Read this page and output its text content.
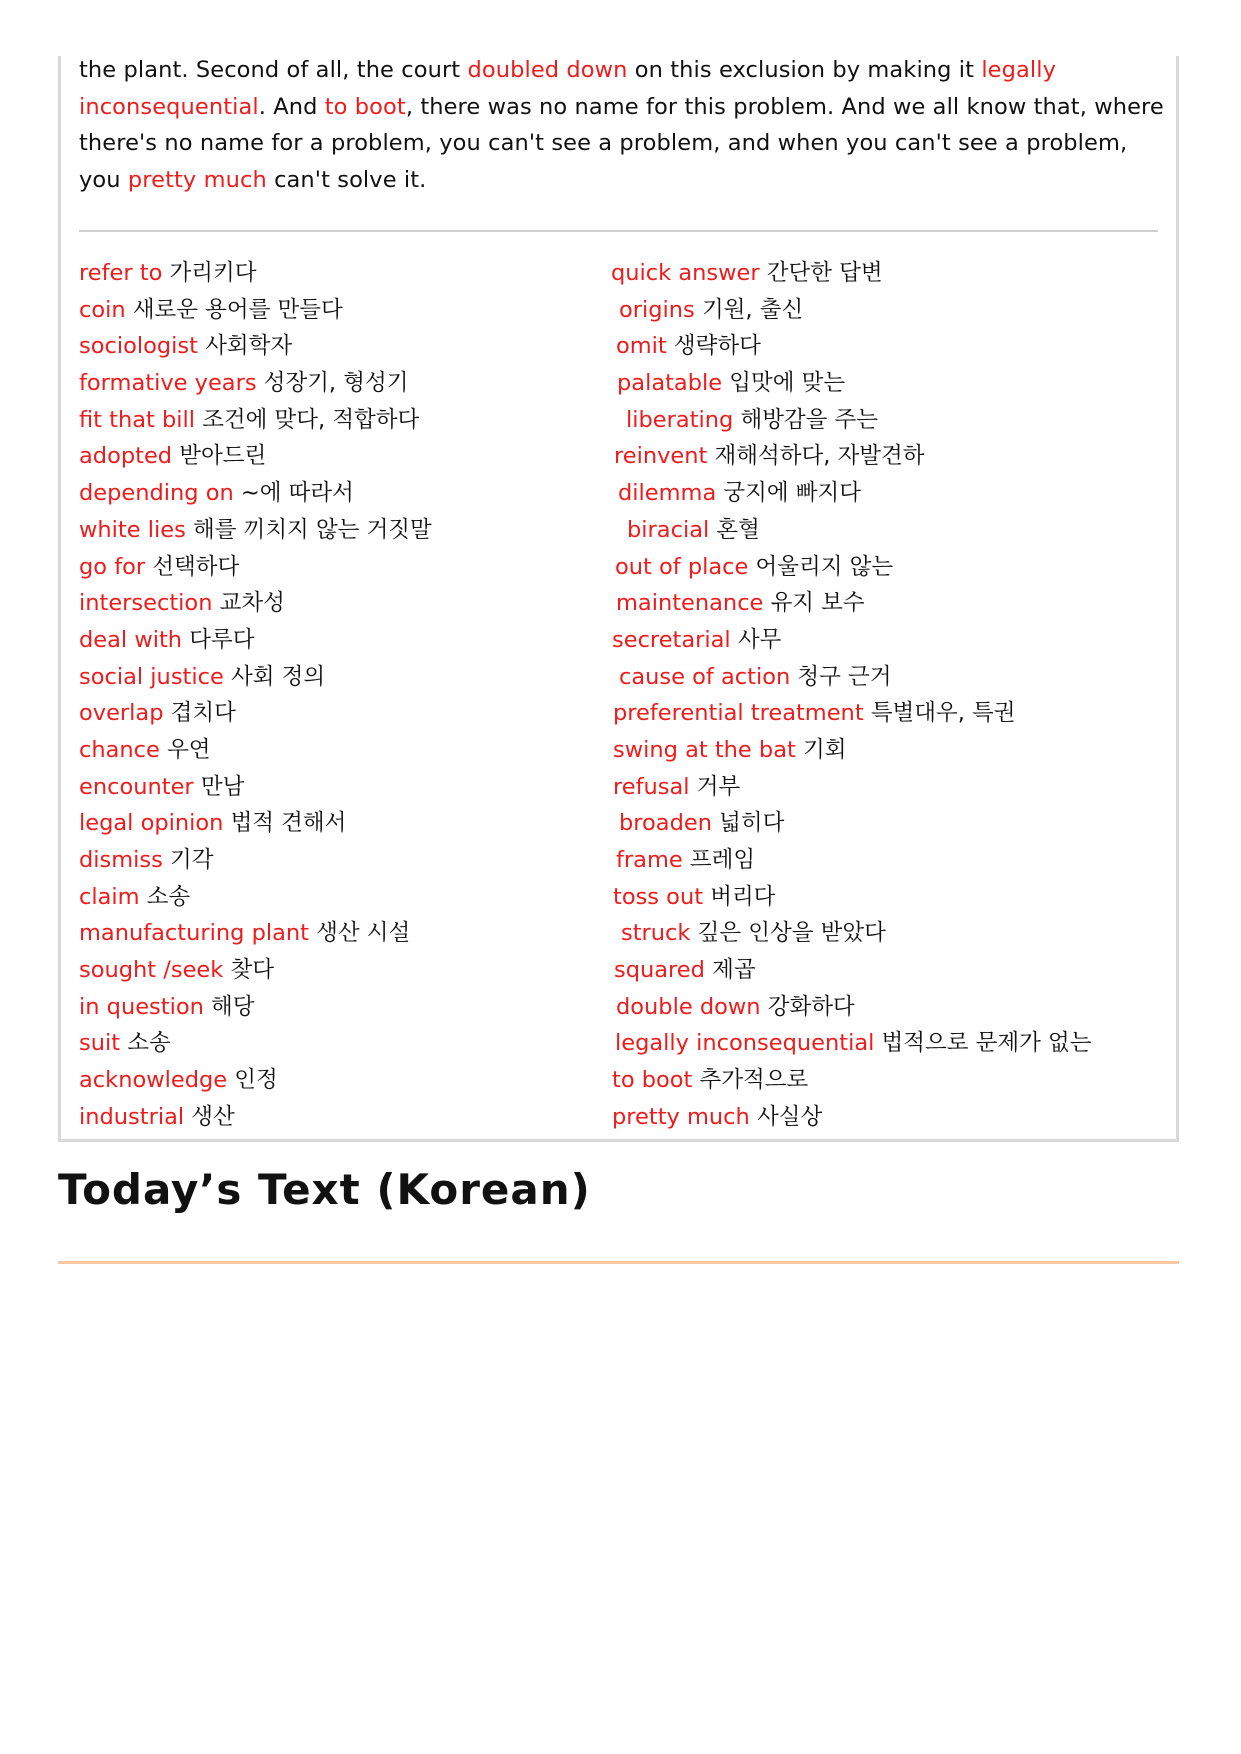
the plant. Second of all, the court doubled down on this exclusion by making it legally inconsequential. And to boot, there was no name for this problem. And we all know that, where there's no name for a problem, you can't see a problem, and when you can't see a problem, you pretty much can't solve it.
refer to 가리키다
coin 새로운 용어를 만들다
sociologist 사회학자
formative years 성장기, 형성기
fit that bill 조건에 맞다, 적합하다
adopted 받아드린
depending on ~에 따라서
white lies 해를 끼치지 않는 거짓말
go for 선택하다
intersection 교차성
deal with 다루다
social justice 사회 정의
overlap 겹치다
chance 우연
encounter 만남
legal opinion 법적 견해서
dismiss 기각
claim 소송
manufacturing plant 생산 시설
sought /seek 찾다
in question 해당
suit 소송
acknowledge 인정
industrial 생산
quick answer 간단한 답변
origins 기원, 출신
omit 생략하다
palatable 입맛에 맞는
liberating 해방감을 주는
reinvent 재해석하다, 자발견하
dilemma 궁지에 빠지다
biracial 혼혈
out of place 어울리지 않는
maintenance 유지 보수
secretarial 사무
cause of action 청구 근거
preferential treatment 특별대우, 특권
swing at the bat 기회
refusal 거부
broaden 넓히다
frame 프레임
toss out 버리다
struck 깊은 인상을 받았다
squared 제곱
double down 강화하다
legally inconsequential 법적으로 문제가 없는
to boot 추가적으로
pretty much 사실상
Today’s Text (Korean)
